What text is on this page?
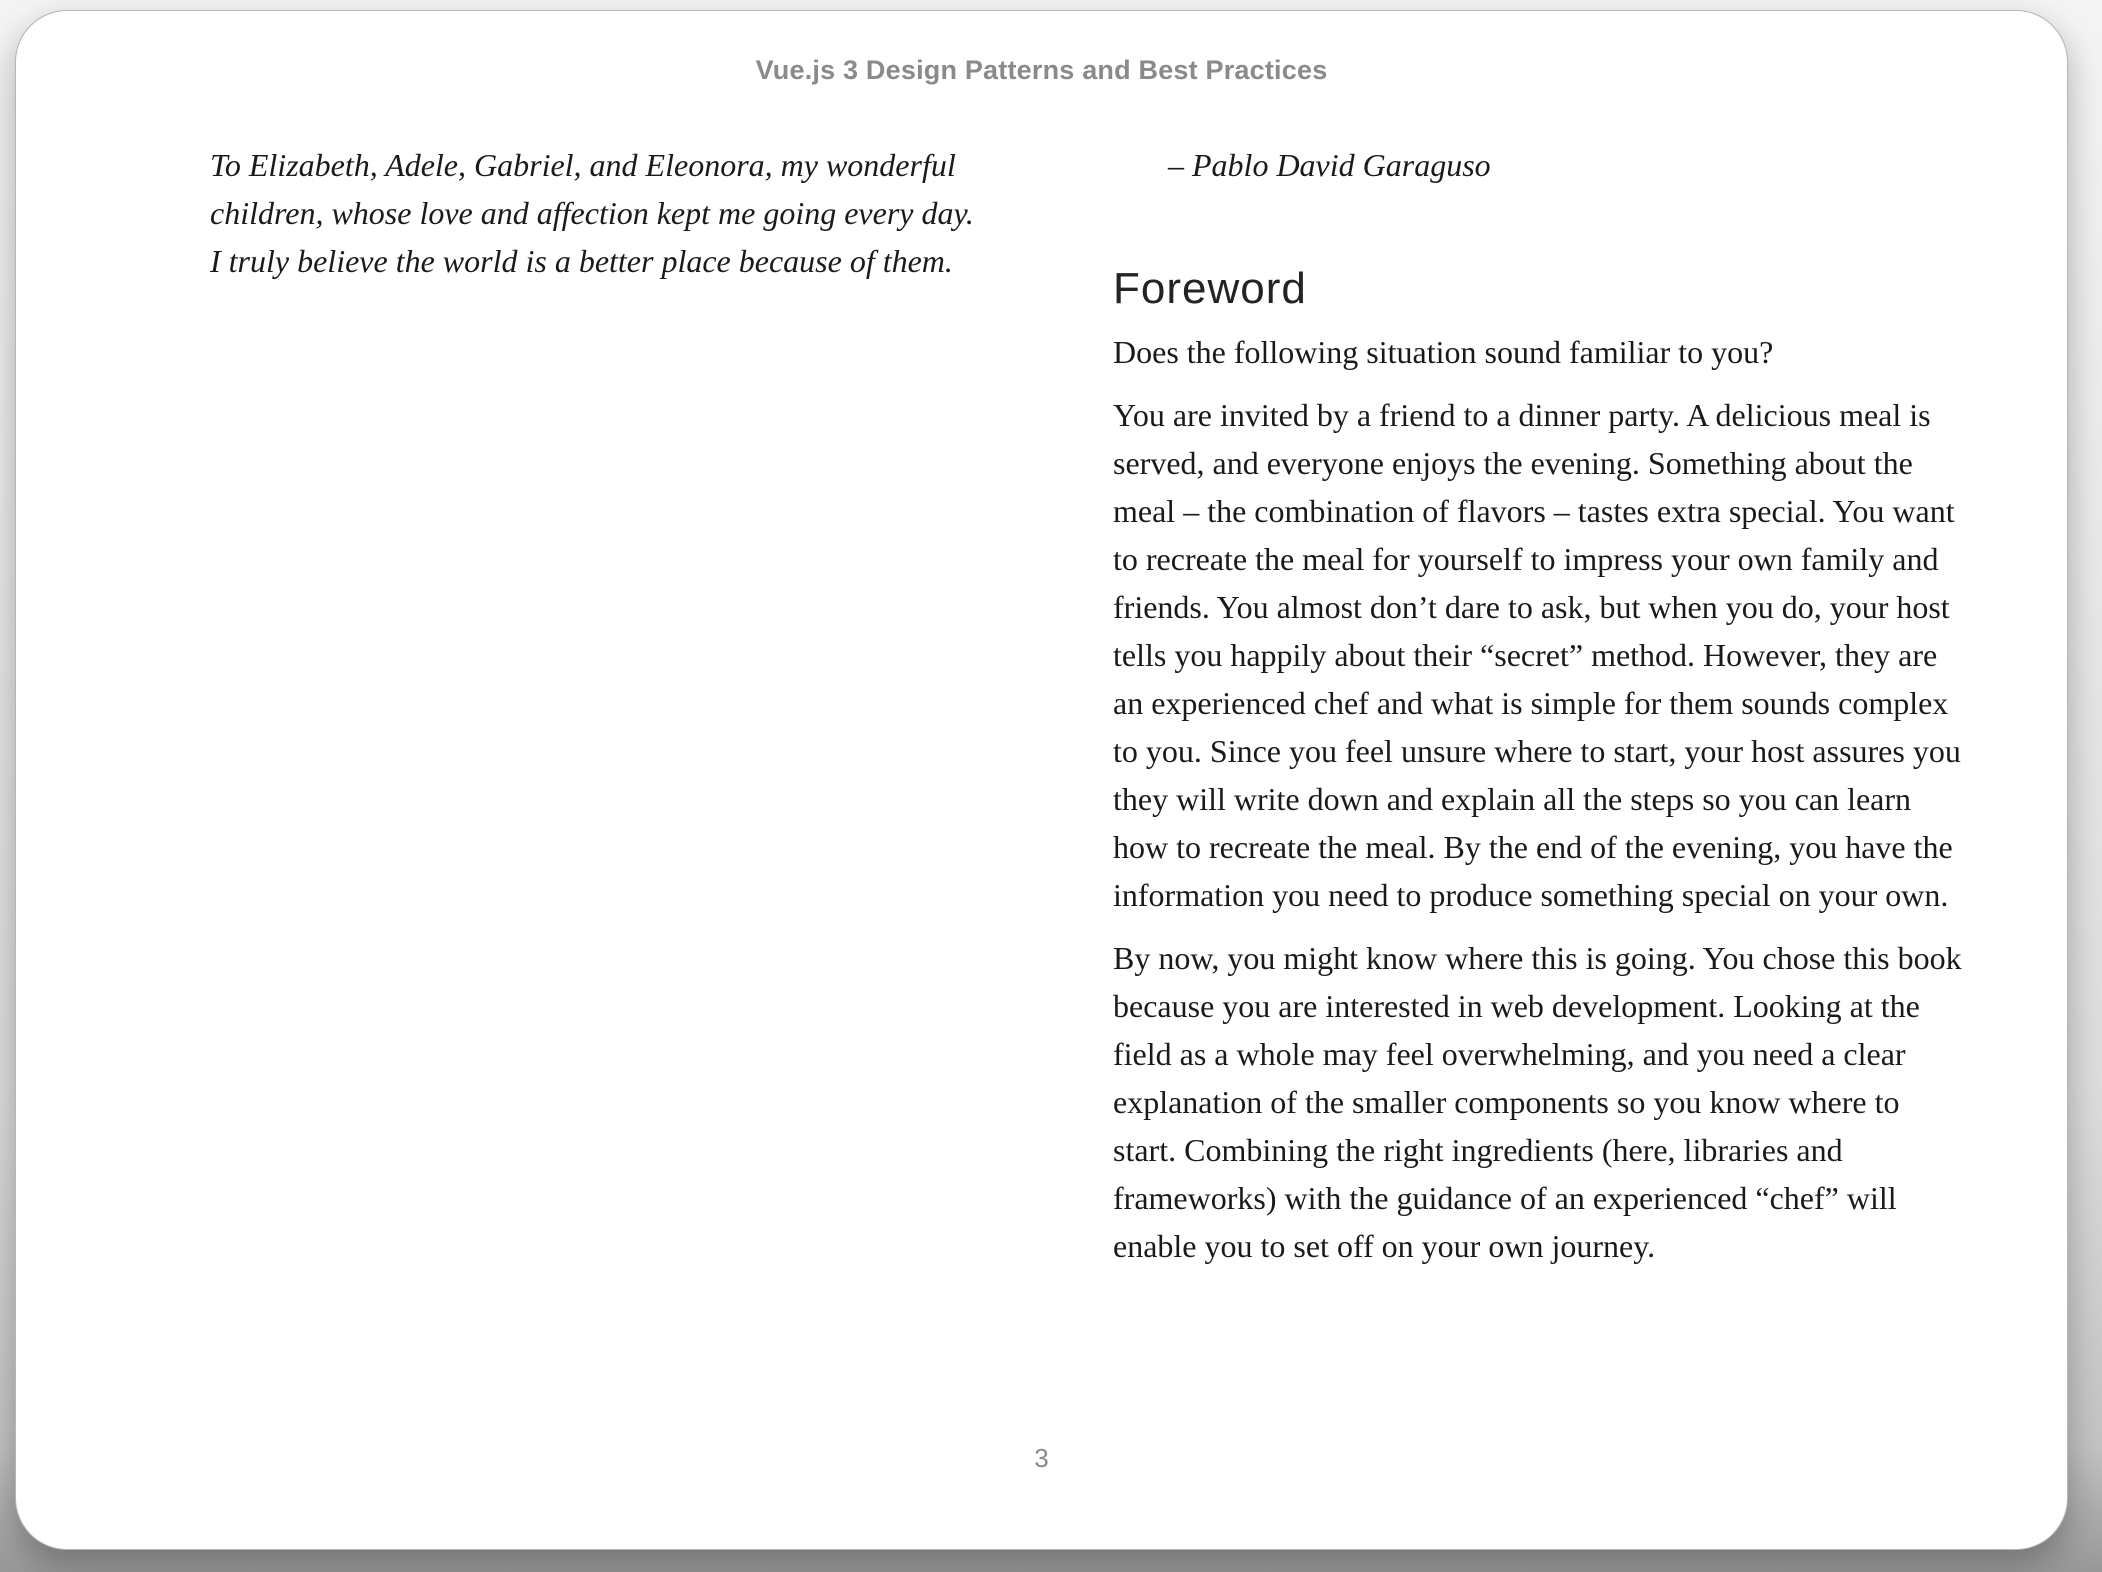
Vue.js 3 Design Patterns and Best Practices

To Elizabeth, Adele, Gabriel, and Eleonora, my wonderful children, whose love and affection kept me going every day. I truly believe the world is a better place because of them.

– Pablo David Garaguso

Foreword

Does the following situation sound familiar to you?

You are invited by a friend to a dinner party. A delicious meal is served, and everyone enjoys the evening. Something about the meal – the combination of flavors – tastes extra special. You want to recreate the meal for yourself to impress your own family and friends. You almost don’t dare to ask, but when you do, your host tells you happily about their “secret” method. However, they are an experienced chef and what is simple for them sounds complex to you. Since you feel unsure where to start, your host assures you they will write down and explain all the steps so you can learn how to recreate the meal. By the end of the evening, you have the information you need to produce something special on your own.

By now, you might know where this is going. You chose this book because you are interested in web development. Looking at the field as a whole may feel overwhelming, and you need a clear explanation of the smaller components so you know where to start. Combining the right ingredients (here, libraries and frameworks) with the guidance of an experienced “chef” will enable you to set off on your own journey.

3
